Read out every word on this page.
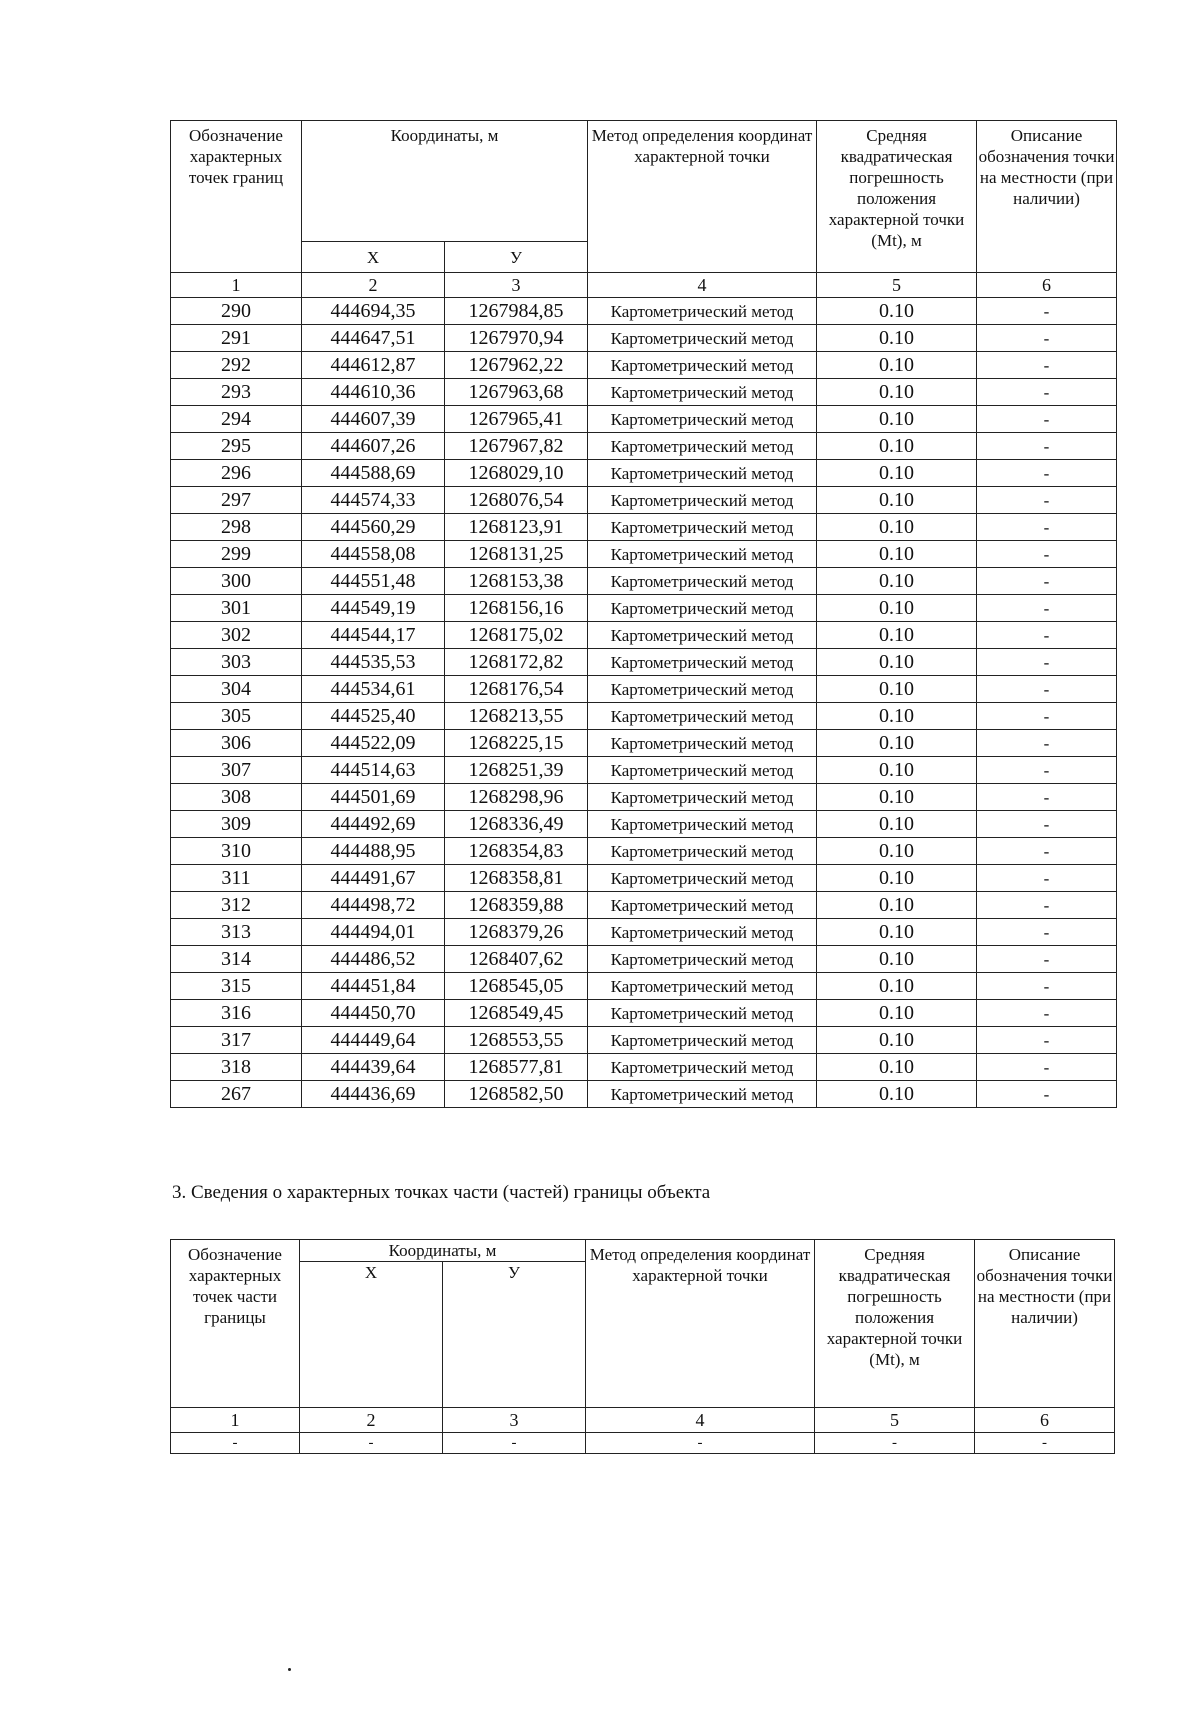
Обозначение характерных точек границ	Координаты, м		Метод определения координат характерной точки	Средняя квадратическая погрешность положения характерной точки (Mt), м	Описание обозначения точки на местности (при наличии)
	Х	У			
1	2	3	4	5	6
290	444694,35	1267984,85	Картометрический метод	0.10	-
291	444647,51	1267970,94	Картометрический метод	0.10	-
292	444612,87	1267962,22	Картометрический метод	0.10	-
293	444610,36	1267963,68	Картометрический метод	0.10	-
294	444607,39	1267965,41	Картометрический метод	0.10	-
295	444607,26	1267967,82	Картометрический метод	0.10	-
296	444588,69	1268029,10	Картометрический метод	0.10	-
297	444574,33	1268076,54	Картометрический метод	0.10	-
298	444560,29	1268123,91	Картометрический метод	0.10	-
299	444558,08	1268131,25	Картометрический метод	0.10	-
300	444551,48	1268153,38	Картометрический метод	0.10	-
301	444549,19	1268156,16	Картометрический метод	0.10	-
302	444544,17	1268175,02	Картометрический метод	0.10	-
303	444535,53	1268172,82	Картометрический метод	0.10	-
304	444534,61	1268176,54	Картометрический метод	0.10	-
305	444525,40	1268213,55	Картометрический метод	0.10	-
306	444522,09	1268225,15	Картометрический метод	0.10	-
307	444514,63	1268251,39	Картометрический метод	0.10	-
308	444501,69	1268298,96	Картометрический метод	0.10	-
309	444492,69	1268336,49	Картометрический метод	0.10	-
310	444488,95	1268354,83	Картометрический метод	0.10	-
311	444491,67	1268358,81	Картометрический метод	0.10	-
312	444498,72	1268359,88	Картометрический метод	0.10	-
313	444494,01	1268379,26	Картометрический метод	0.10	-
314	444486,52	1268407,62	Картометрический метод	0.10	-
315	444451,84	1268545,05	Картометрический метод	0.10	-
316	444450,70	1268549,45	Картометрический метод	0.10	-
317	444449,64	1268553,55	Картометрический метод	0.10	-
318	444439,64	1268577,81	Картометрический метод	0.10	-
267	444436,69	1268582,50	Картометрический метод	0.10	-
3. Сведения о характерных точках части (частей) границы объекта
Обозначение характерных точек части границы	Координаты, м		Метод определения координат характерной точки	Средняя квадратическая погрешность положения характерной точки (Mt), м	Описание обозначения точки на местности (при наличии)
	Х	У			
1	2	3	4	5	6
-	-	-	-	-	-
